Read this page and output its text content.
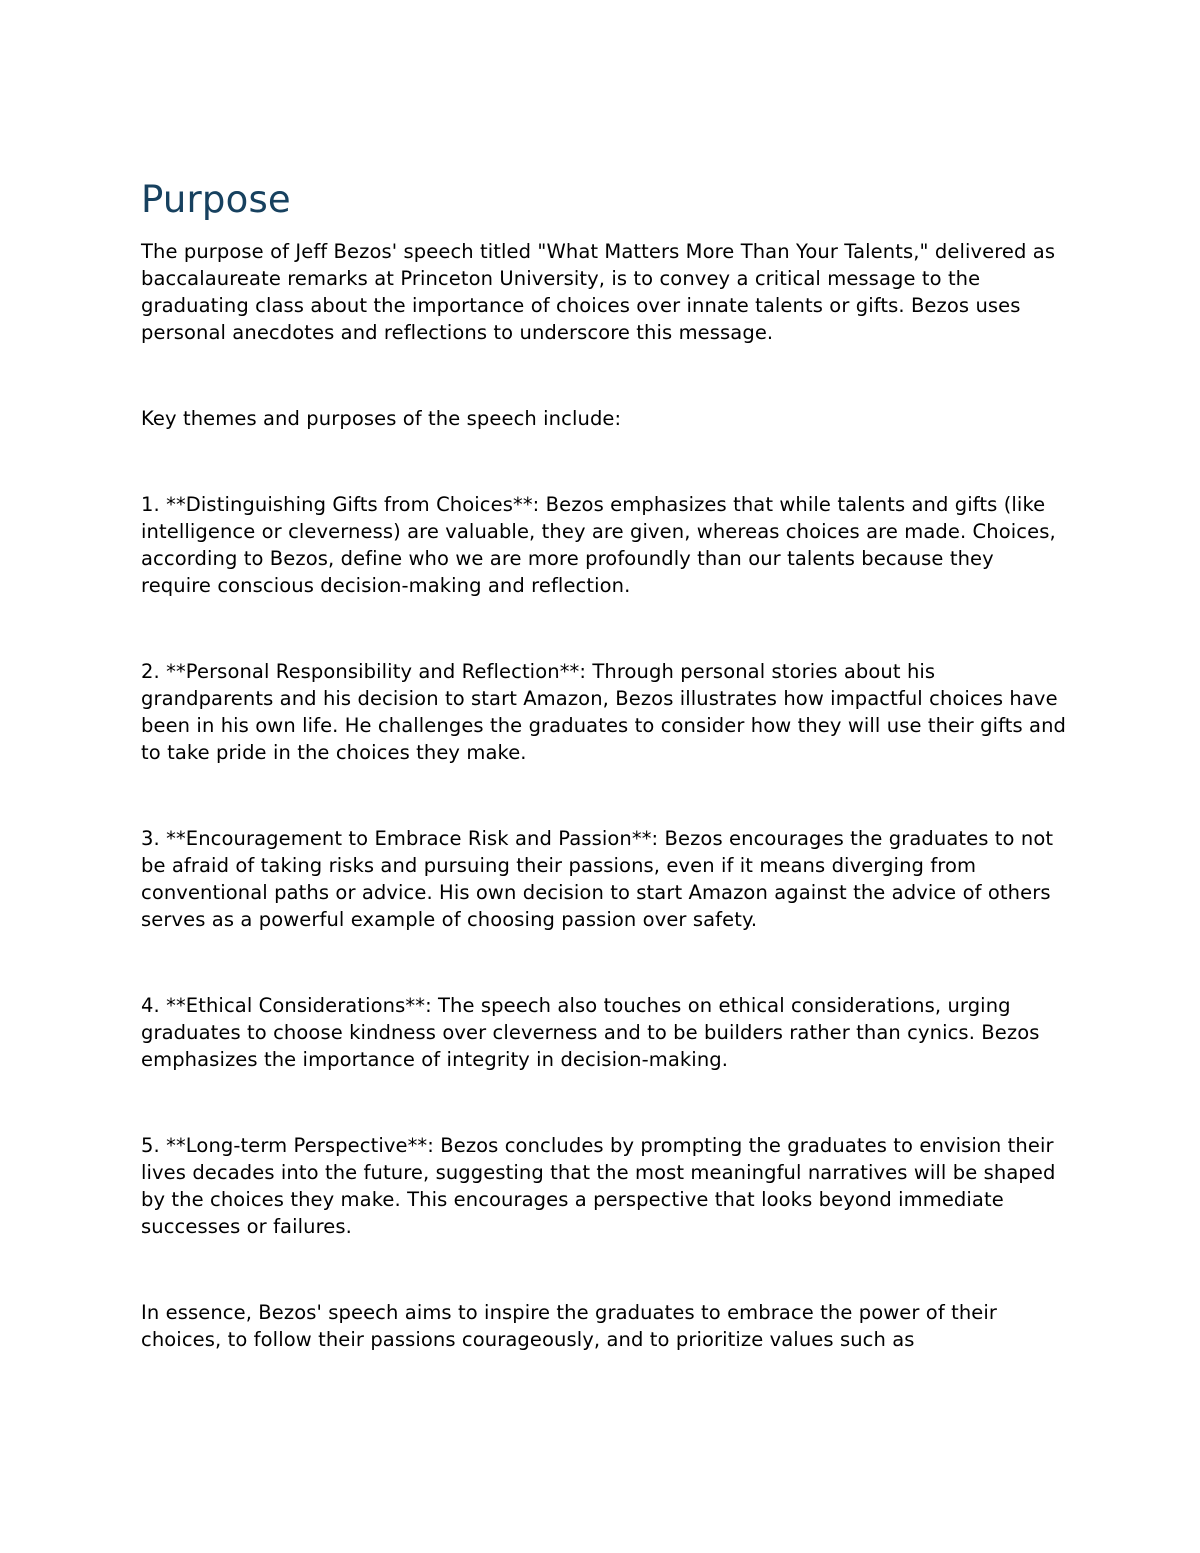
Purpose

The purpose of Jeff Bezos' speech titled "What Matters More Than Your Talents," delivered as baccalaureate remarks at Princeton University, is to convey a critical message to the graduating class about the importance of choices over innate talents or gifts. Bezos uses personal anecdotes and reflections to underscore this message.

Key themes and purposes of the speech include:

1. **Distinguishing Gifts from Choices**: Bezos emphasizes that while talents and gifts (like intelligence or cleverness) are valuable, they are given, whereas choices are made. Choices, according to Bezos, define who we are more profoundly than our talents because they require conscious decision-making and reflection.

2. **Personal Responsibility and Reflection**: Through personal stories about his grandparents and his decision to start Amazon, Bezos illustrates how impactful choices have been in his own life. He challenges the graduates to consider how they will use their gifts and to take pride in the choices they make.

3. **Encouragement to Embrace Risk and Passion**: Bezos encourages the graduates to not be afraid of taking risks and pursuing their passions, even if it means diverging from conventional paths or advice. His own decision to start Amazon against the advice of others serves as a powerful example of choosing passion over safety.

4. **Ethical Considerations**: The speech also touches on ethical considerations, urging graduates to choose kindness over cleverness and to be builders rather than cynics. Bezos emphasizes the importance of integrity in decision-making.

5. **Long-term Perspective**: Bezos concludes by prompting the graduates to envision their lives decades into the future, suggesting that the most meaningful narratives will be shaped by the choices they make. This encourages a perspective that looks beyond immediate successes or failures.

In essence, Bezos' speech aims to inspire the graduates to embrace the power of their choices, to follow their passions courageously, and to prioritize values such as
